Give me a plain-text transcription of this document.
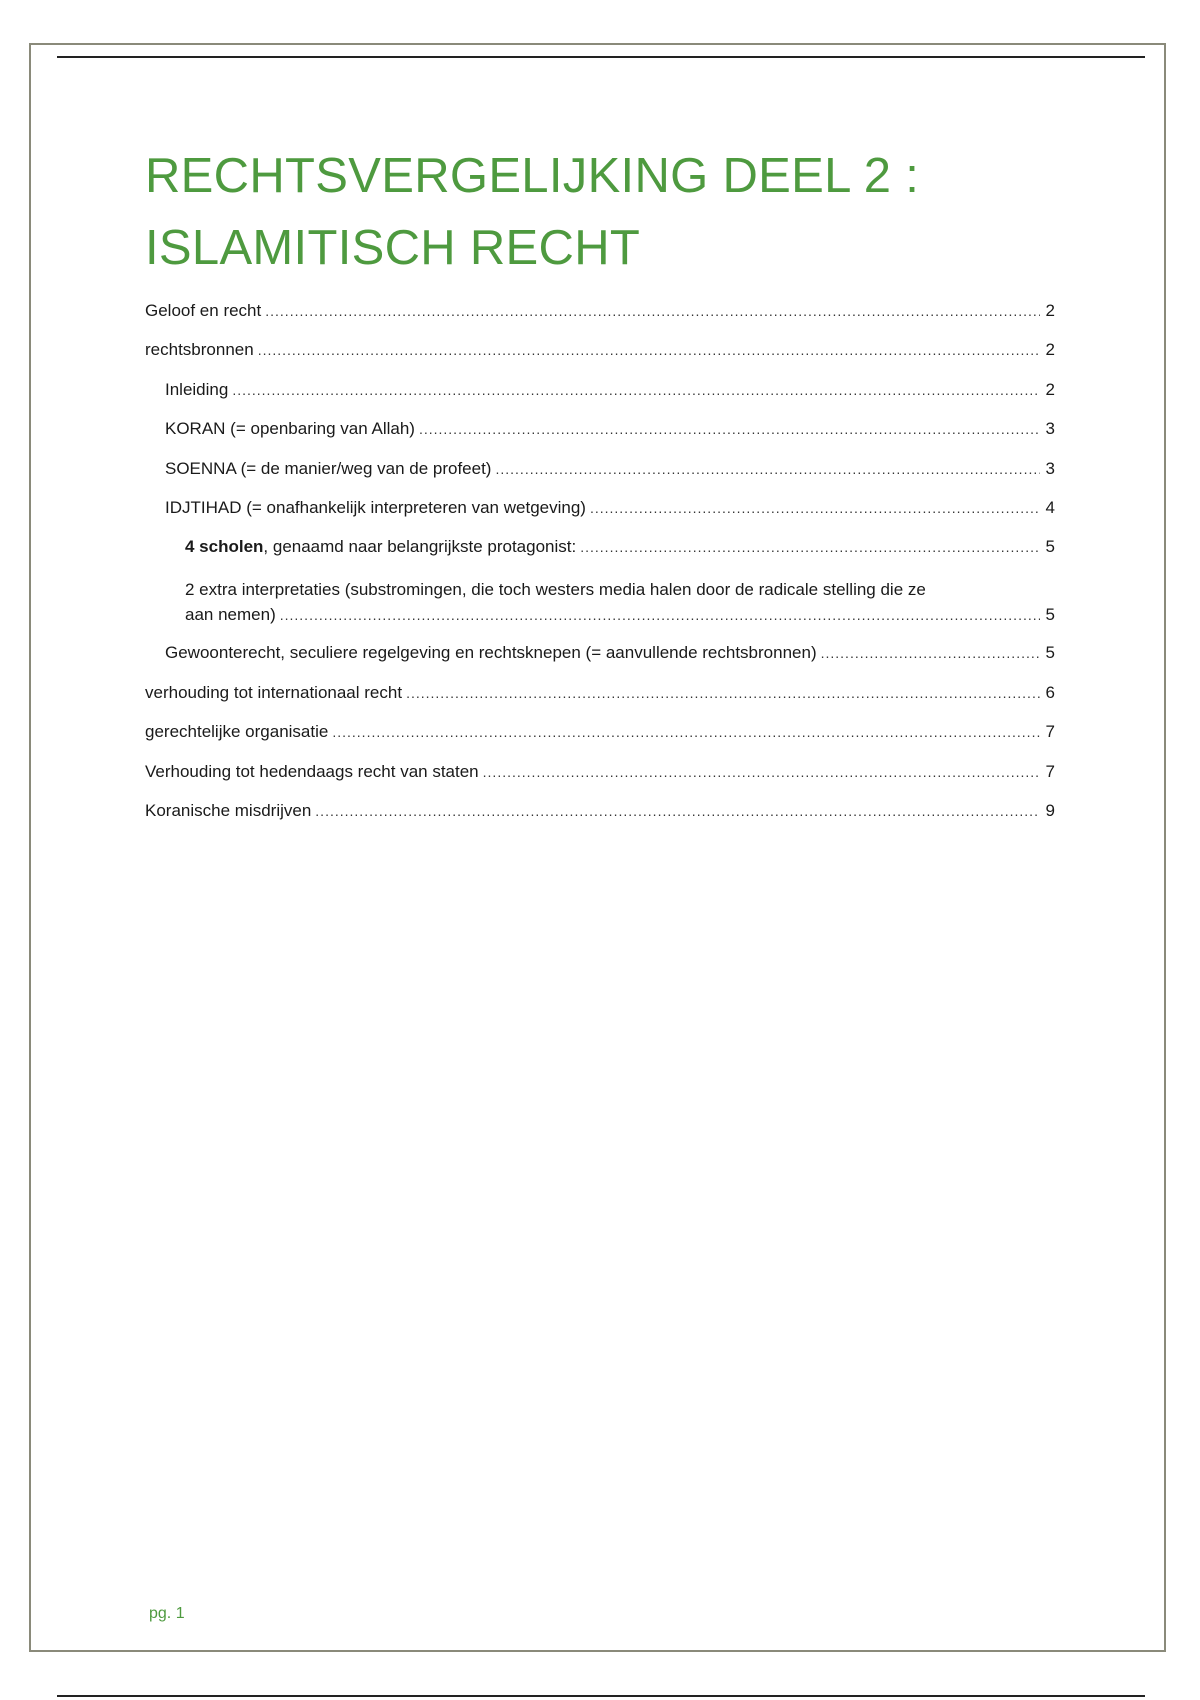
RECHTSVERGELIJKING DEEL 2 :
ISLAMITISCH RECHT
Geloof en recht .....	2
rechtsbronnen .....	2
Inleiding .....	2
KORAN (= openbaring van Allah) .....	3
SOENNA (= de manier/weg van de profeet) .....	3
IDJTIHAD (= onafhankelijk interpreteren van wetgeving) .....	4
4 scholen, genaamd naar belangrijkste protagonist: .....	5
2 extra interpretaties (substromingen, die toch westers media halen door de radicale stelling die ze
aan nemen) .....	5
Gewoonterecht, seculiere regelgeving en rechtsknepen (= aanvullende rechtsbronnen) .....	5
verhouding tot internationaal recht .....	6
gerechtelijke organisatie .....	7
Verhouding tot hedendaags recht van staten .....	7
Koranische misdrijven .....	9
pg. 1
